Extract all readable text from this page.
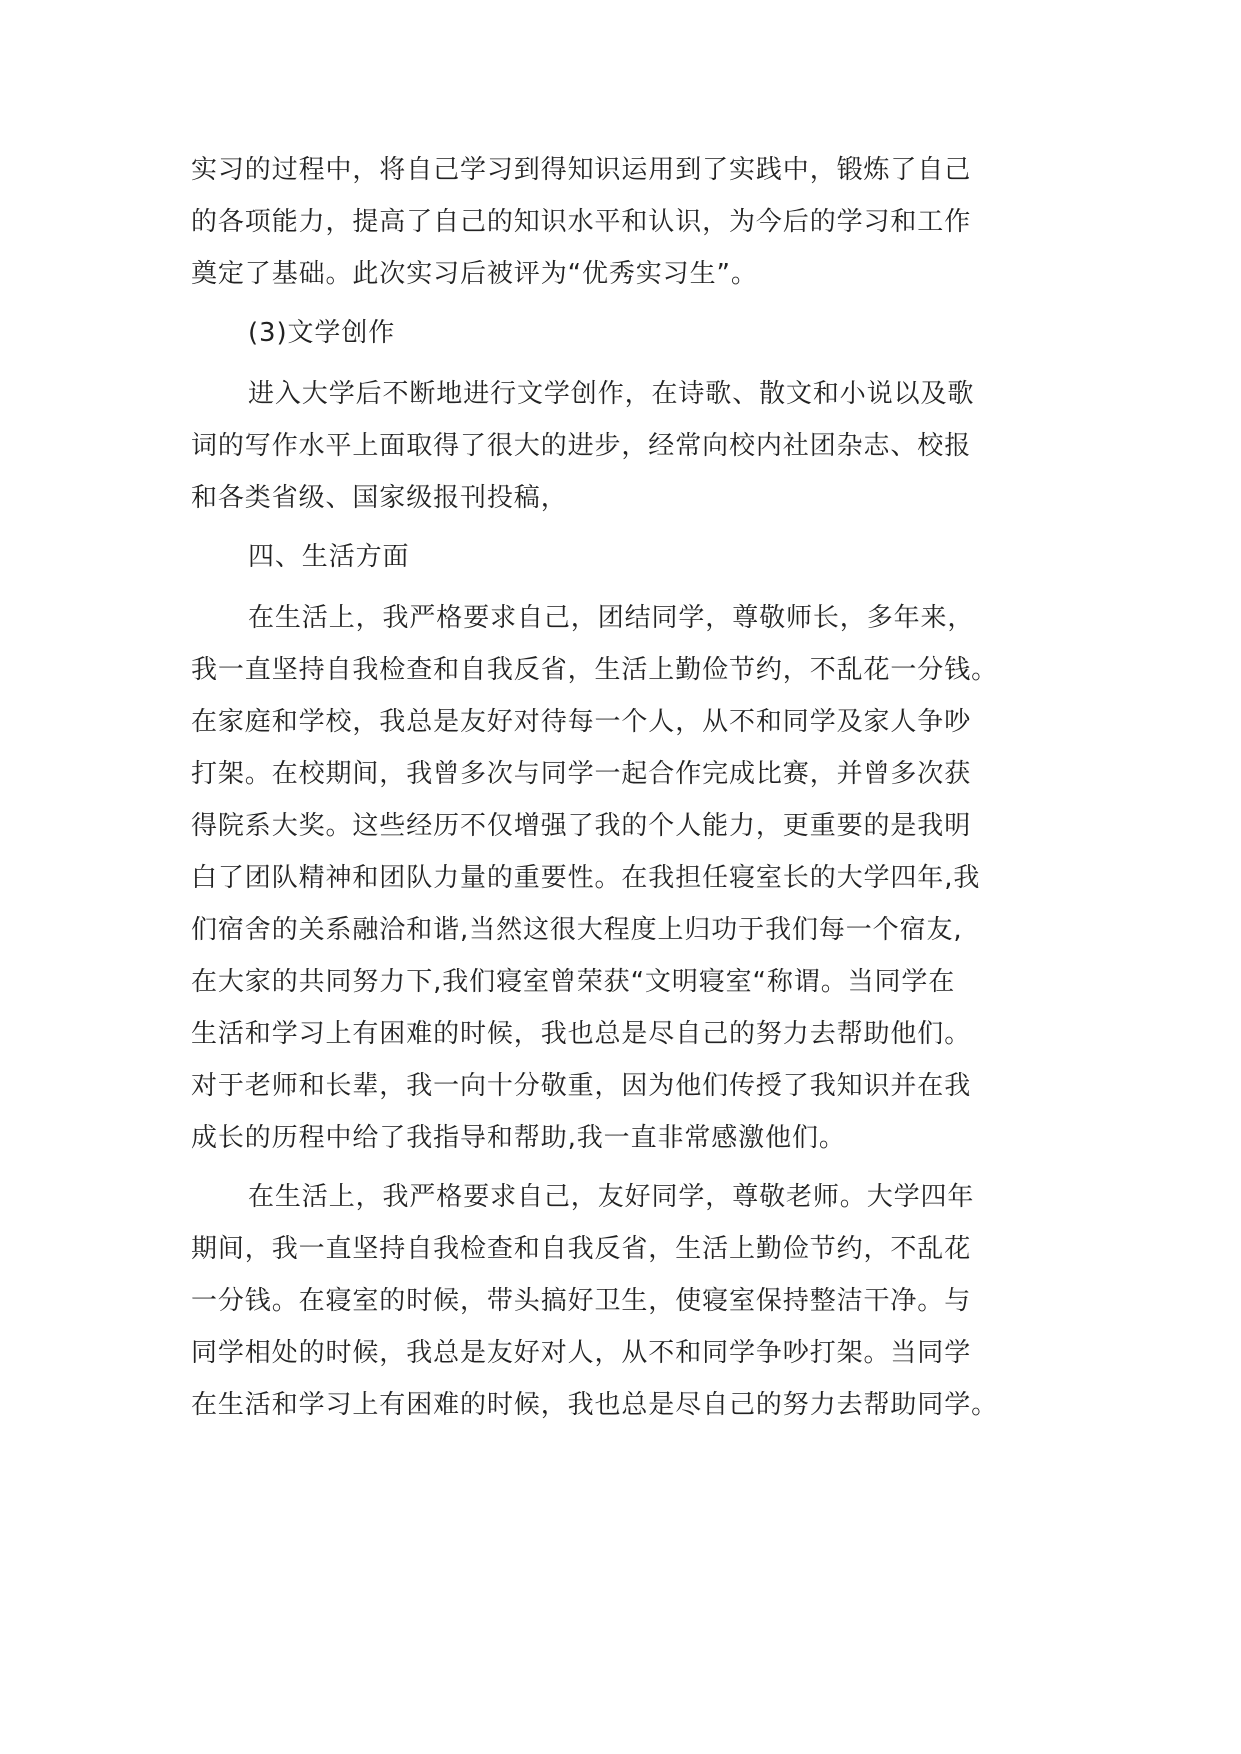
实习的过程中，将自己学习到得知识运用到了实践中，锻炼了自己
的各项能力，提高了自己的知识水平和认识，为今后的学习和工作
奠定了基础。此次实习后被评为“优秀实习生”。
(3)文学创作
进入大学后不断地进行文学创作，在诗歌、散文和小说以及歌
词的写作水平上面取得了很大的进步，经常向校内社团杂志、校报
和各类省级、国家级报刊投稿，
四、生活方面
在生活上，我严格要求自己，团结同学，尊敬师长，多年来，
我一直坚持自我检查和自我反省，生活上勤俭节约，不乱花一分钱。
在家庭和学校，我总是友好对待每一个人，从不和同学及家人争吵
打架。在校期间，我曾多次与同学一起合作完成比赛，并曾多次获
得院系大奖。这些经历不仅增强了我的个人能力，更重要的是我明
白了团队精神和团队力量的重要性。在我担任寝室长的大学四年,我
们宿舍的关系融洽和谐,当然这很大程度上归功于我们每一个宿友,
在大家的共同努力下,我们寝室曾荣获“文明寝室“称谓。当同学在
生活和学习上有困难的时候，我也总是尽自己的努力去帮助他们。
对于老师和长辈，我一向十分敬重，因为他们传授了我知识并在我
成长的历程中给了我指导和帮助,我一直非常感激他们。
在生活上，我严格要求自己，友好同学，尊敬老师。大学四年
期间，我一直坚持自我检查和自我反省，生活上勤俭节约，不乱花
一分钱。在寝室的时候，带头搞好卫生，使寝室保持整洁干净。与
同学相处的时候，我总是友好对人，从不和同学争吵打架。当同学
在生活和学习上有困难的时候，我也总是尽自己的努力去帮助同学。
